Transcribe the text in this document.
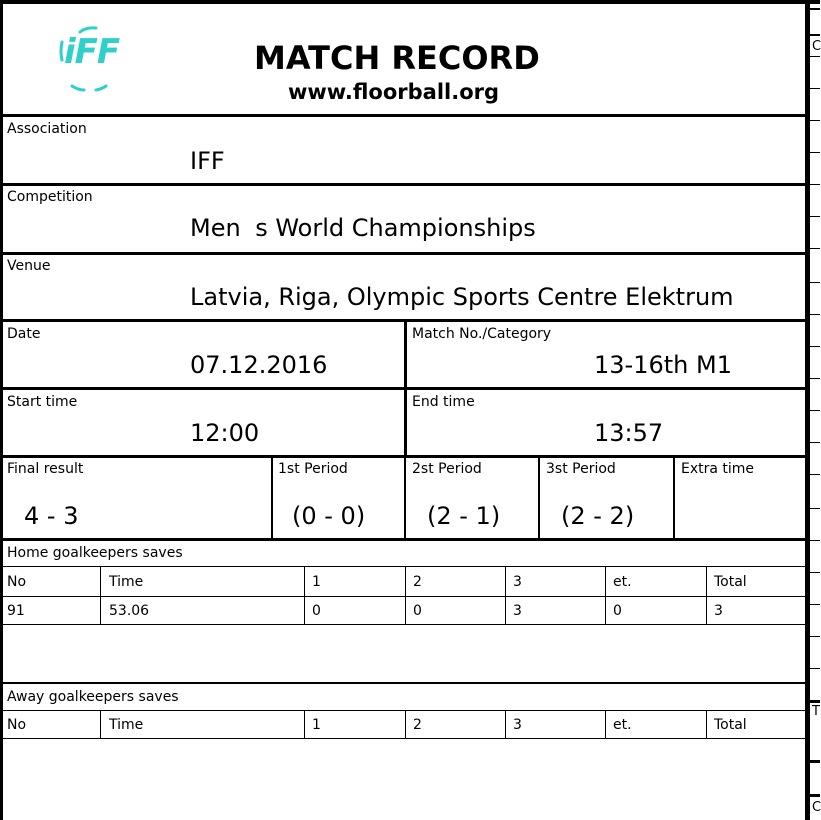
iFF	MATCH RECORD
www.floorball.org
Association
IFF
Competition
Mens World Championships
Venue
Latvia, Riga, Olympic Sports Centre Elektrum
Date
07.12.2016
Match No./Category
13-16th M1
Start time
12:00
End time
13:57
Final result
4 - 3
1st Period
(0 - 0)
2st Period
(2 - 1)
3st Period
(2 - 2)
Extra time
Home goalkeepers saves
No	Time	1	2	3	et.	Total
91	53.06	0	0	3	0	3
Away goalkeepers saves
No	Time	1	2	3	et.	Total
C
T
C
